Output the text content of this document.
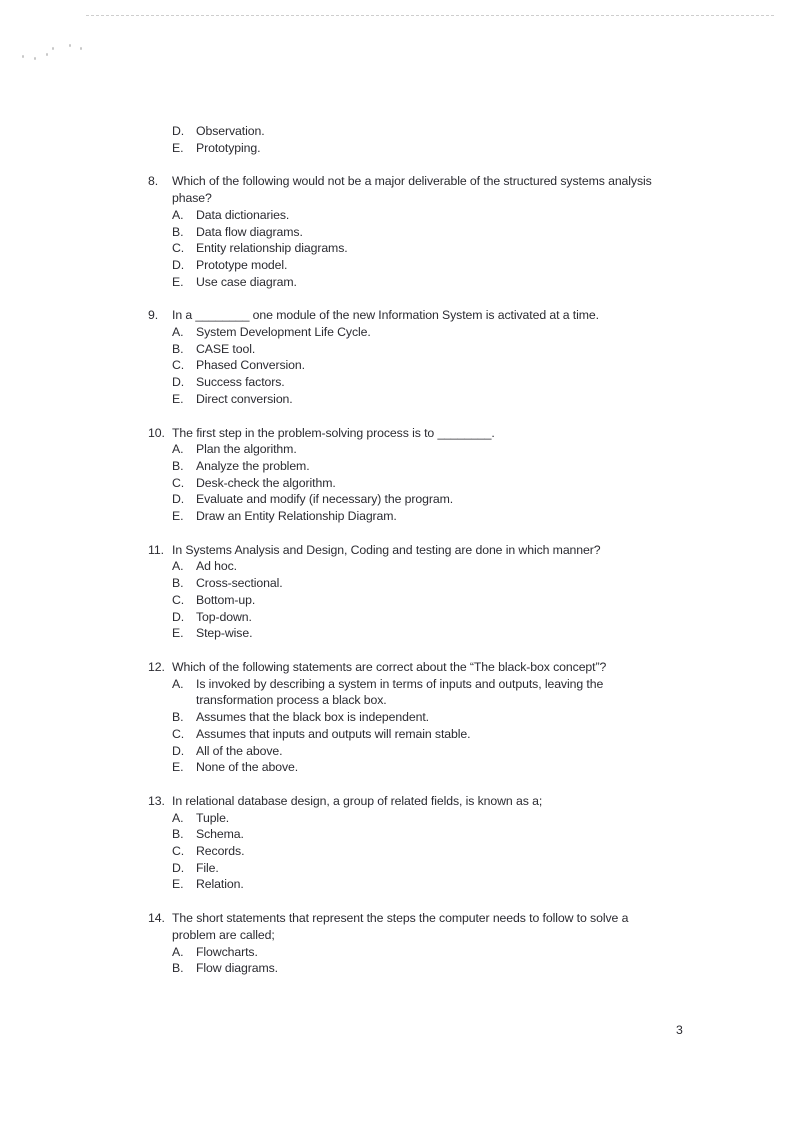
D. Observation.
E.	Prototyping.
8.	Which of the following would not be a major deliverable of the structured systems analysis
phase?
A.	Data dictionaries.
B.	Data flow diagrams.
C. Entity relationship diagrams.
D. Prototype model.
E.	Use case diagram.
9.	In a ________ one module of the new Information System is activated at a time.
A.	System Development Life Cycle.
B.	CASE tool.
C. Phased Conversion.
D. Success factors.
E.	Direct conversion.
10. The first step in the problem-solving process is to ________.
A.	Plan the algorithm.
B.	Analyze the problem.
C. Desk-check the algorithm.
D. Evaluate and modify (if necessary) the program.
E.	Draw an Entity Relationship Diagram.
11. In Systems Analysis and Design, Coding and testing are done in which manner?
A.	Ad hoc.
B.	Cross-sectional.
C. Bottom-up.
D. Top-down.
E.	Step-wise.
12. Which of the following statements are correct about the “The black-box concept”?
A.	Is invoked by describing a system in terms of inputs and outputs, leaving the
transformation process a black box.
B.	Assumes that the black box is independent.
C. Assumes that inputs and outputs will remain stable.
D. All of the above.
E.	None of the above.
13. In relational database design, a group of related fields, is known as a;
A.	Tuple.
B.	Schema.
C. Records.
D. File.
E.	Relation.
14. The short statements that represent the steps the computer needs to follow to solve a
problem are called;
A.	Flowcharts.
B.	Flow diagrams.
3
